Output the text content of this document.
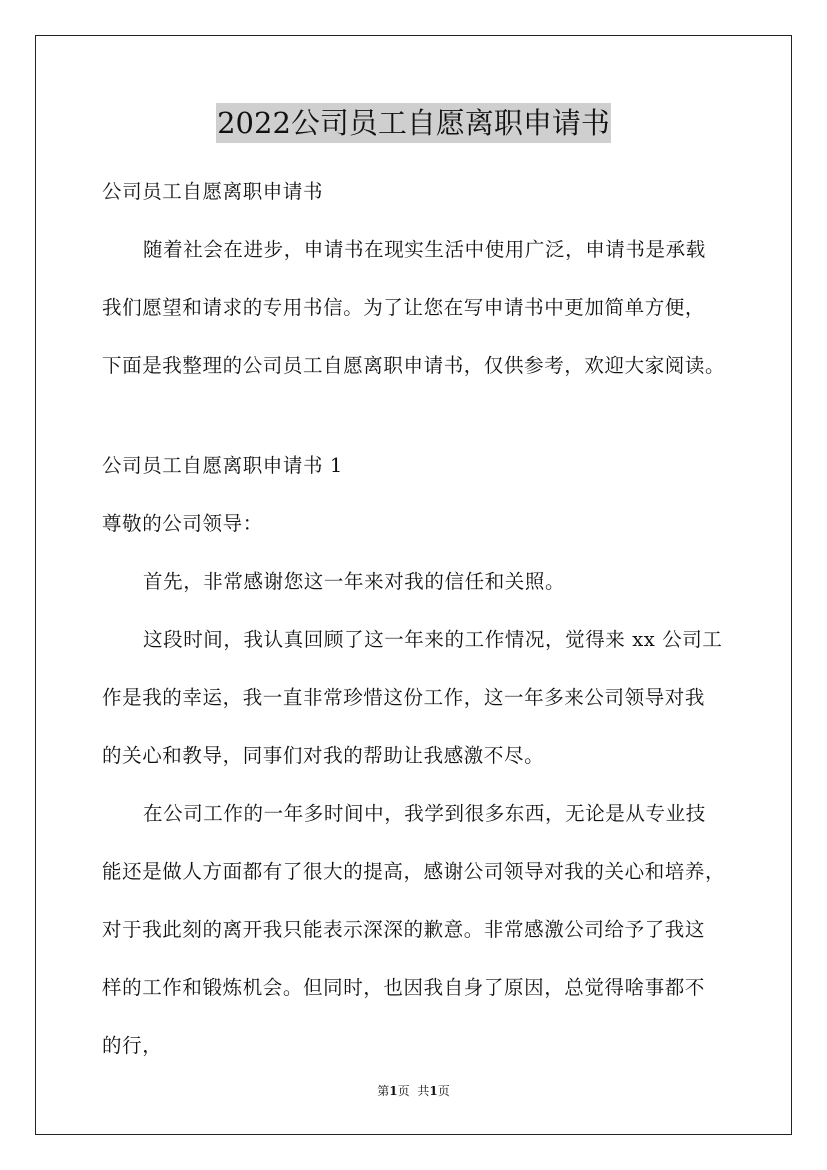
2022公司员工自愿离职申请书
公司员工自愿离职申请书
随着社会在进步，申请书在现实生活中使用广泛，申请书是承载
我们愿望和请求的专用书信。为了让您在写申请书中更加简单方便，
下面是我整理的公司员工自愿离职申请书，仅供参考，欢迎大家阅读。
公司员工自愿离职申请书 1
尊敬的公司领导：
首先，非常感谢您这一年来对我的信任和关照。
这段时间，我认真回顾了这一年来的工作情况，觉得来 xx 公司工
作是我的幸运，我一直非常珍惜这份工作，这一年多来公司领导对我
的关心和教导，同事们对我的帮助让我感激不尽。
在公司工作的一年多时间中，我学到很多东西，无论是从专业技
能还是做人方面都有了很大的提高，感谢公司领导对我的关心和培养，
对于我此刻的离开我只能表示深深的歉意。非常感激公司给予了我这
样的工作和锻炼机会。但同时，也因我自身了原因，总觉得啥事都不
的行，
第1页 共1页
